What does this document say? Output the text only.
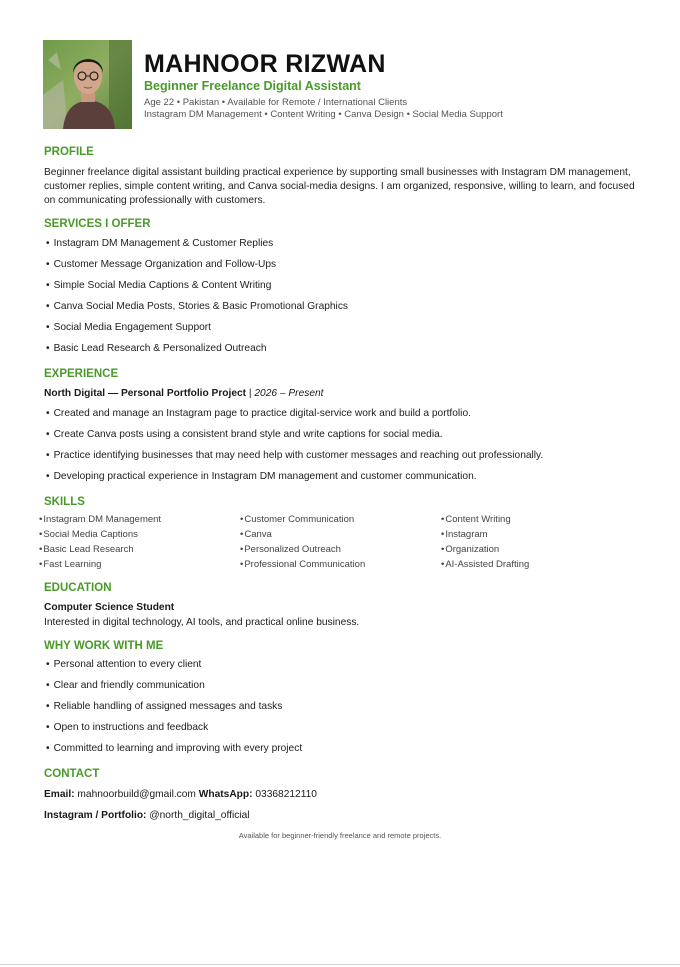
MAHNOOR RIZWAN
Beginner Freelance Digital Assistant
Age 22 • Pakistan • Available for Remote / International Clients
Instagram DM Management • Content Writing • Canva Design • Social Media Support
PROFILE
Beginner freelance digital assistant building practical experience by supporting small businesses with Instagram DM management, customer replies, simple content writing, and Canva social-media designs. I am organized, responsive, willing to learn, and focused on communicating professionally with customers.
SERVICES I OFFER
• Instagram DM Management & Customer Replies
• Customer Message Organization and Follow-Ups
• Simple Social Media Captions & Content Writing
• Canva Social Media Posts, Stories & Basic Promotional Graphics
• Social Media Engagement Support
• Basic Lead Research & Personalized Outreach
EXPERIENCE
North Digital — Personal Portfolio Project | 2026 – Present
• Created and manage an Instagram page to practice digital-service work and build a portfolio.
• Create Canva posts using a consistent brand style and write captions for social media.
• Practice identifying businesses that may need help with customer messages and reaching out professionally.
• Developing practical experience in Instagram DM management and customer communication.
SKILLS
• Instagram DM Management
• Social Media Captions
• Basic Lead Research
• Fast Learning
• Customer Communication
• Canva
• Personalized Outreach
• Professional Communication
• Content Writing
• Instagram
• Organization
• AI-Assisted Drafting
EDUCATION
Computer Science Student
Interested in digital technology, AI tools, and practical online business.
WHY WORK WITH ME
• Personal attention to every client
• Clear and friendly communication
• Reliable handling of assigned messages and tasks
• Open to instructions and feedback
• Committed to learning and improving with every project
CONTACT
Email: mahnoorbuild@gmail.com WhatsApp: 03368212110
Instagram / Portfolio: @north_digital_official
Available for beginner-friendly freelance and remote projects.
